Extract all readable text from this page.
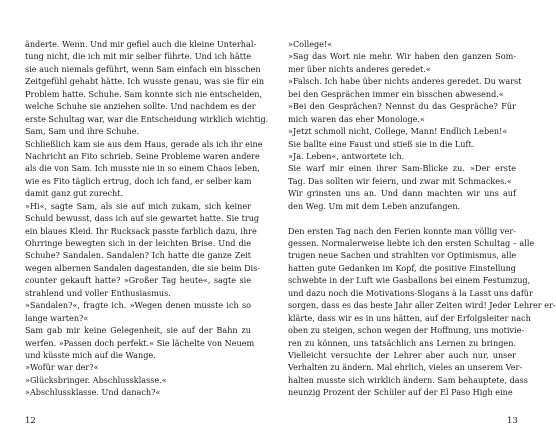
änderte. Wenn. Und mir gefiel auch die kleine Unterhal-
tung nicht, die ich mit mir selber führte. Und ich hätte
sie auch niemals geführt, wenn Sam einfach ein bisschen
Zeitgefühl gehabt hätte. Ich wusste genau, was sie für ein
Problem hatte. Schuhe. Sam konnte sich nie entscheiden,
welche Schuhe sie anziehen sollte. Und nachdem es der
erste Schultag war, war die Entscheidung wirklich wichtig.
Sam, Sam und ihre Schuhe.
Schließlich kam sie aus dem Haus, gerade als ich ihr eine
Nachricht an Fito schrieb. Seine Probleme waren andere
als die von Sam. Ich musste nie in so einem Chaos leben,
wie es Fito täglich ertrug, doch ich fand, er selber kam
damit ganz gut zurecht.
»Hi«, sagte Sam, als sie auf mich zukam, sich keiner
Schuld bewusst, dass ich auf sie gewartet hatte. Sie trug
ein blaues Kleid. Ihr Rucksack passte farblich dazu, ihre
Ohrringe bewegten sich in der leichten Brise. Und die
Schuhe? Sandalen. Sandalen? Ich hatte die ganze Zeit
wegen albernen Sandalen dagestanden, die sie beim Dis-
counter gekauft hatte? »Großer Tag heute«, sagte sie
strahlend und voller Enthusiasmus.
»Sandalen?«, fragte ich. »Wegen denen musste ich so
lange warten?«
Sam gab mir keine Gelegenheit, sie auf der Bahn zu
werfen. »Passen doch perfekt.« Sie lächelte von Neuem
und küsste mich auf die Wange.
»Wofür war der?«
»Glücksbringer. Abschlussklasse.«
»Abschlussklasse. Und danach?«
»College!«
»Sag das Wort nie mehr. Wir haben den ganzen Som-
mer über nichts anderes geredet.«
»Falsch. Ich habe über nichts anderes geredet. Du warst
bei den Gesprächen immer ein bisschen abwesend.«
»Bei den Gesprächen? Nennst du das Gespräche? Für
mich waren das eher Monologe.«
»Jetzt schmoll nicht, College, Mann! Endlich Leben!«
Sie ballte eine Faust und stieß sie in die Luft.
»Ja. Leben«, antwortete ich.
Sie warf mir einen ihrer Sam-Blicke zu. »Der erste
Tag. Das sollten wir feiern, und zwar mit Schmackes.«
Wir grinsten uns an. Und dann machten wir uns auf
den Weg. Um mit dem Leben anzufangen.
Den ersten Tag nach den Ferien konnte man völlig ver-
gessen. Normalerweise liebte ich den ersten Schultag – alle
trugen neue Sachen und strahlten vor Optimismus, alle
hatten gute Gedanken im Kopf, die positive Einstellung
schwebte in der Luft wie Gasballons bei einem Festumzug,
und dazu noch die Motivations-Slogans à la Lasst uns dafür
sorgen, dass es das beste Jahr aller Zeiten wird! Jeder Lehrer er-
klärte, dass wir es in uns hätten, auf der Erfolgsleiter nach
oben zu steigen, schon wegen der Hoffnung, uns motivie-
ren zu können, uns tatsächlich ans Lernen zu bringen.
Vielleicht versuchte der Lehrer aber auch nur, unser
Verhalten zu ändern. Mal ehrlich, vieles an unserem Ver-
halten musste sich wirklich ändern. Sam behauptete, dass
neunzig Prozent der Schüler auf der El Paso High eine
12	13
